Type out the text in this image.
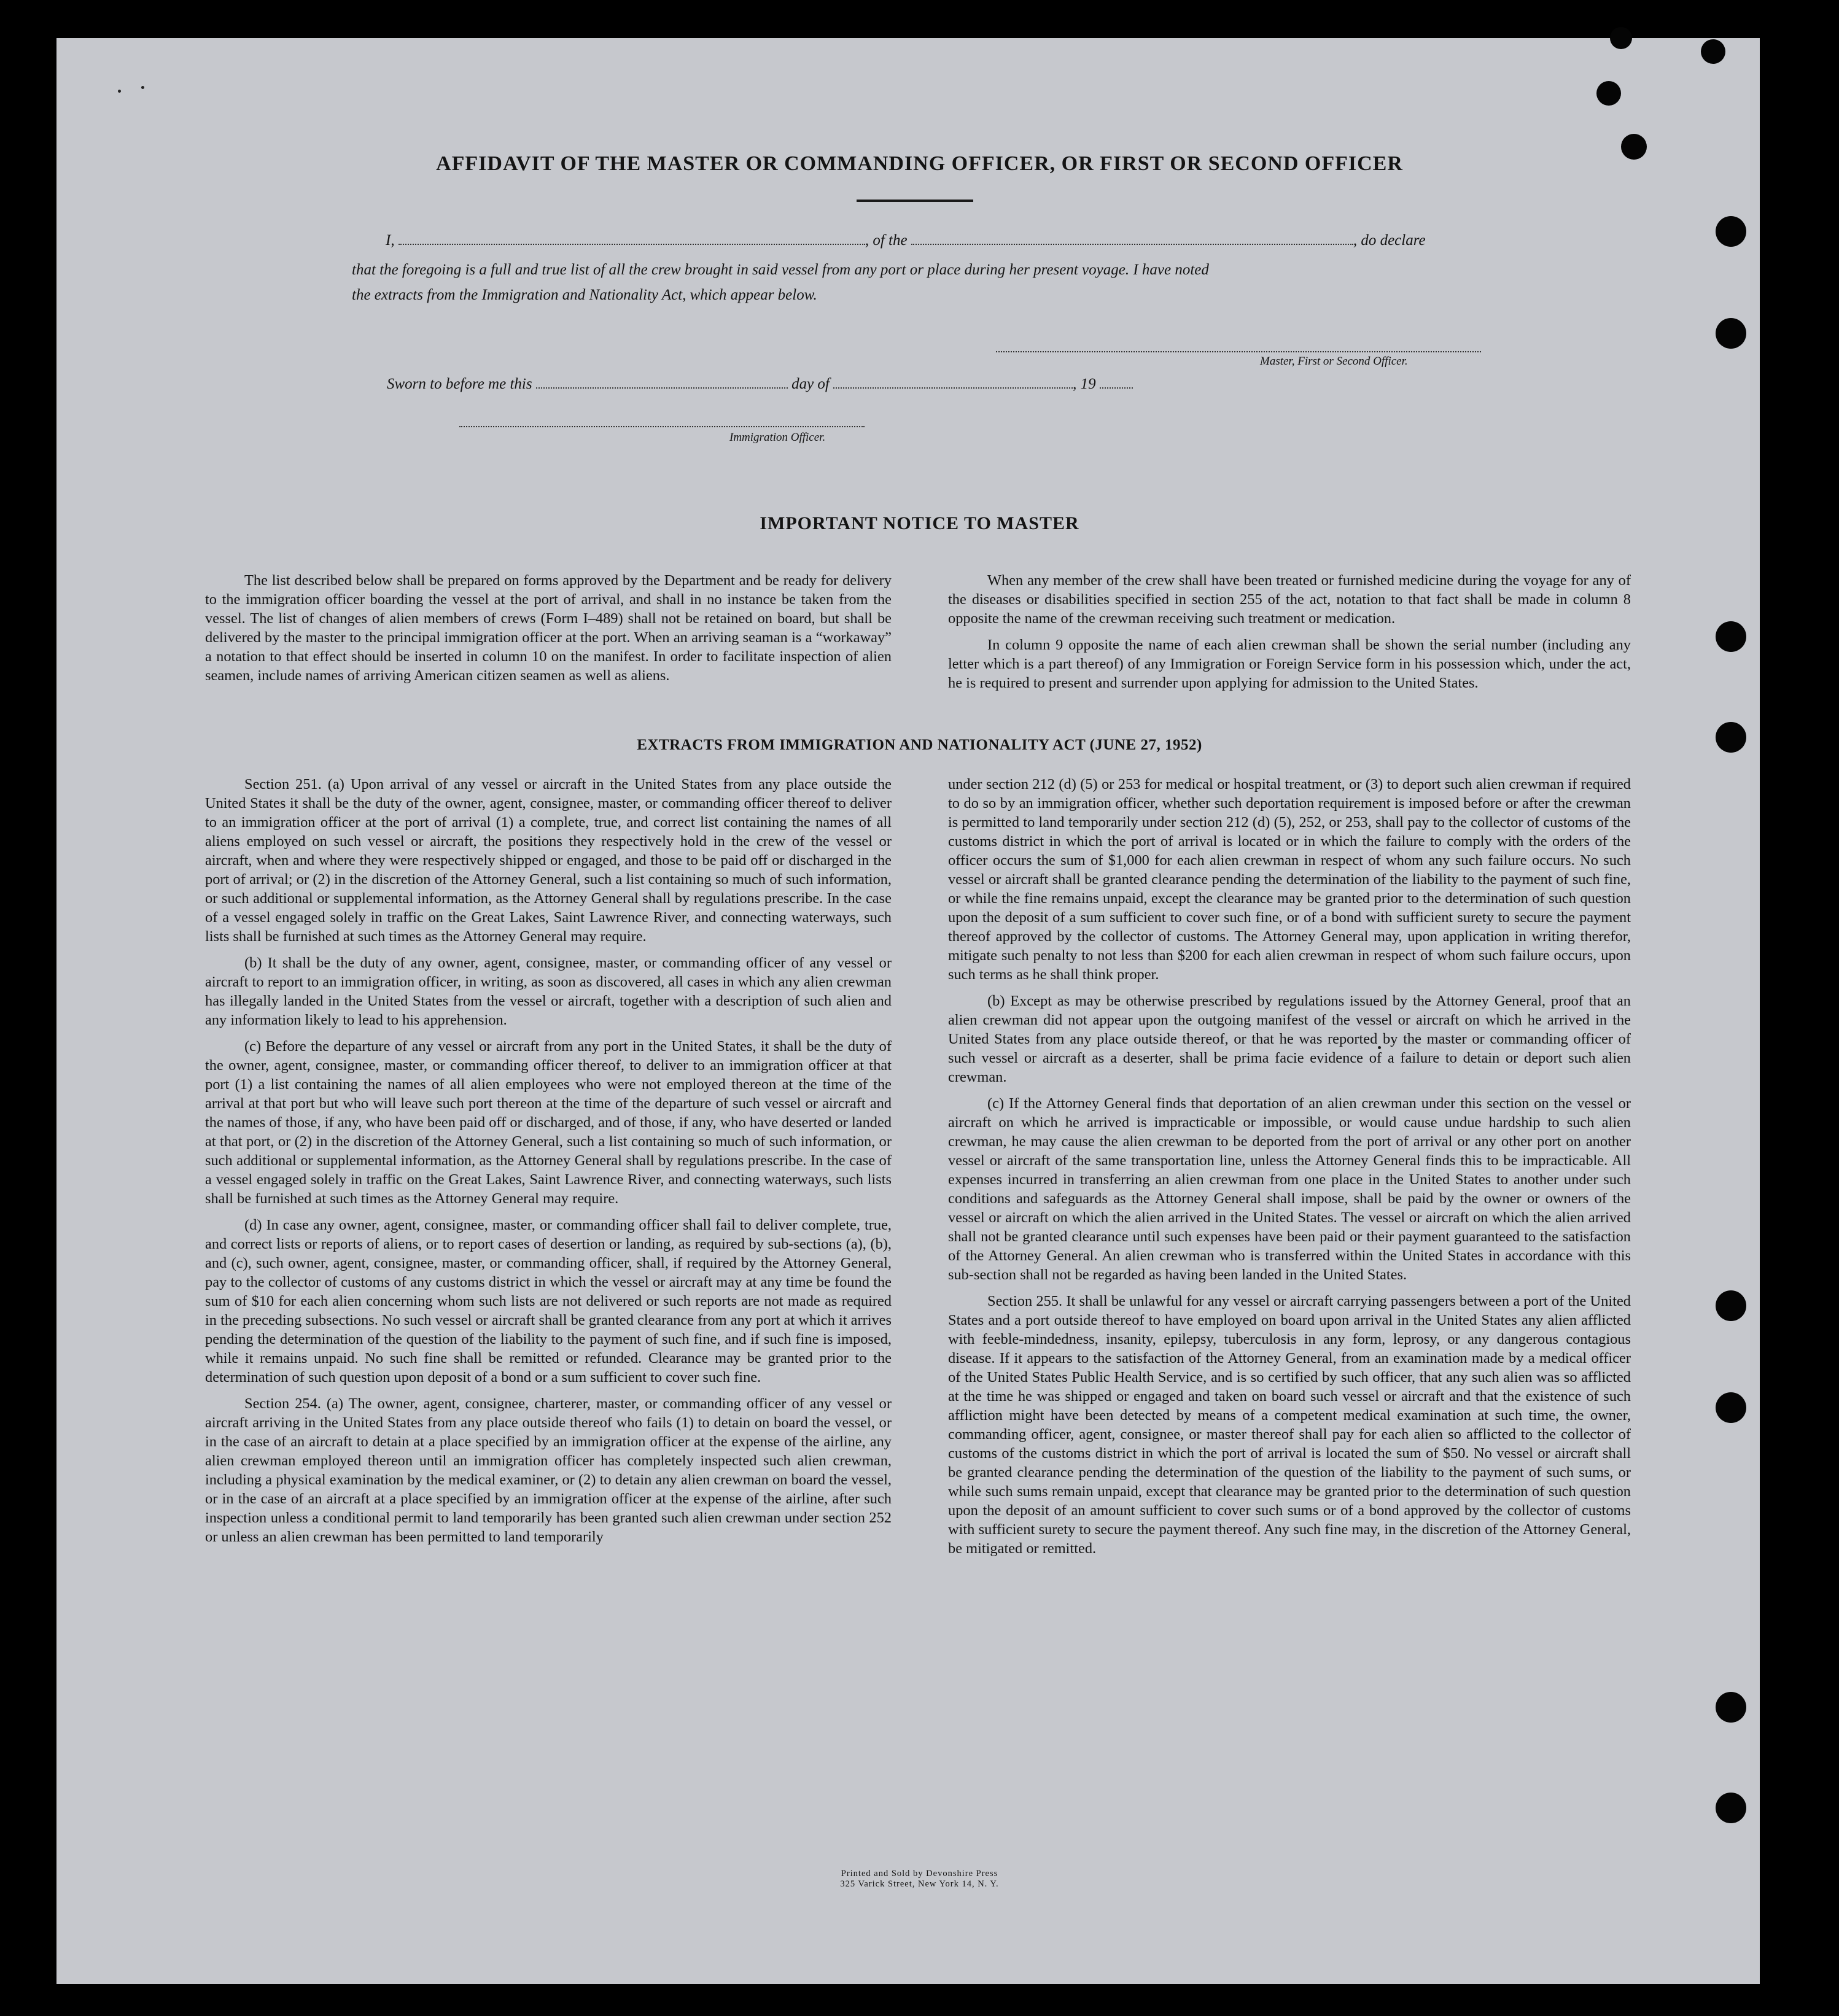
AFFIDAVIT OF THE MASTER OR COMMANDING OFFICER, OR FIRST OR SECOND OFFICER
I,	, of the	, do declare
that the foregoing is a full and true list of all the crew brought in said vessel from any port or place during her present voyage. I have noted
the extracts from the Immigration and Nationality Act, which appear below.
Master, First or Second Officer.
Sworn to before me this	day of	, 19
Immigration Officer.
IMPORTANT NOTICE TO MASTER

The list described below shall be prepared on forms approved by the Department and be ready for delivery to the immigration officer boarding the vessel at the port of arrival, and shall in no instance be taken from the vessel. The list of changes of alien members of crews (Form I–489) shall not be retained on board, but shall be delivered by the master to the principal immigration officer at the port. When an arriving seaman is a “workaway” a notation to that effect should be inserted in column 10 on the manifest. In order to facilitate inspection of alien seamen, include names of arriving American citizen seamen as well as aliens.

When any member of the crew shall have been treated or furnished medicine during the voyage for any of the diseases or disabilities specified in section 255 of the act, notation to that fact shall be made in column 8 opposite the name of the crewman receiving such treatment or medication.

In column 9 opposite the name of each alien crewman shall be shown the serial number (including any letter which is a part thereof) of any Immigration or Foreign Service form in his possession which, under the act, he is required to present and surrender upon applying for admission to the United States.

EXTRACTS FROM IMMIGRATION AND NATIONALITY ACT (JUNE 27, 1952)

Section 251. (a) Upon arrival of any vessel or aircraft in the United States from any place outside the United States it shall be the duty of the owner, agent, consignee, master, or commanding officer thereof to deliver to an immigration officer at the port of arrival (1) a complete, true, and correct list containing the names of all aliens employed on such vessel or aircraft, the positions they respectively hold in the crew of the vessel or aircraft, when and where they were respectively shipped or engaged, and those to be paid off or discharged in the port of arrival; or (2) in the discretion of the Attorney General, such a list containing so much of such information, or such additional or supplemental information, as the Attorney General shall by regulations prescribe. In the case of a vessel engaged solely in traffic on the Great Lakes, Saint Lawrence River, and connecting waterways, such lists shall be furnished at such times as the Attorney General may require.

(b) It shall be the duty of any owner, agent, consignee, master, or commanding officer of any vessel or aircraft to report to an immigration officer, in writing, as soon as discovered, all cases in which any alien crewman has illegally landed in the United States from the vessel or aircraft, together with a description of such alien and any information likely to lead to his apprehension.

(c) Before the departure of any vessel or aircraft from any port in the United States, it shall be the duty of the owner, agent, consignee, master, or commanding officer thereof, to deliver to an immigration officer at that port (1) a list containing the names of all alien employees who were not employed thereon at the time of the arrival at that port but who will leave such port thereon at the time of the departure of such vessel or aircraft and the names of those, if any, who have been paid off or discharged, and of those, if any, who have deserted or landed at that port, or (2) in the discretion of the Attorney General, such a list containing so much of such information, or such additional or supplemental information, as the Attorney General shall by regulations prescribe. In the case of a vessel engaged solely in traffic on the Great Lakes, Saint Lawrence River, and connecting waterways, such lists shall be furnished at such times as the Attorney General may require.

(d) In case any owner, agent, consignee, master, or commanding officer shall fail to deliver complete, true, and correct lists or reports of aliens, or to report cases of desertion or landing, as required by sub-sections (a), (b), and (c), such owner, agent, consignee, master, or commanding officer, shall, if required by the Attorney General, pay to the collector of customs of any customs district in which the vessel or aircraft may at any time be found the sum of $10 for each alien concerning whom such lists are not delivered or such reports are not made as required in the preceding subsections. No such vessel or aircraft shall be granted clearance from any port at which it arrives pending the determination of the question of the liability to the payment of such fine, and if such fine is imposed, while it remains unpaid. No such fine shall be remitted or refunded. Clearance may be granted prior to the determination of such question upon deposit of a bond or a sum sufficient to cover such fine.

Section 254. (a) The owner, agent, consignee, charterer, master, or commanding officer of any vessel or aircraft arriving in the United States from any place outside thereof who fails (1) to detain on board the vessel, or in the case of an aircraft to detain at a place specified by an immigration officer at the expense of the airline, any alien crewman employed thereon until an immigration officer has completely inspected such alien crewman, including a physical examination by the medical examiner, or (2) to detain any alien crewman on board the vessel, or in the case of an aircraft at a place specified by an immigration officer at the expense of the airline, after such inspection unless a conditional permit to land temporarily has been granted such alien crewman under section 252 or unless an alien crewman has been permitted to land temporarily

under section 212 (d) (5) or 253 for medical or hospital treatment, or (3) to deport such alien crewman if required to do so by an immigration officer, whether such deportation requirement is imposed before or after the crewman is permitted to land temporarily under section 212 (d) (5), 252, or 253, shall pay to the collector of customs of the customs district in which the port of arrival is located or in which the failure to comply with the orders of the officer occurs the sum of $1,000 for each alien crewman in respect of whom any such failure occurs. No such vessel or aircraft shall be granted clearance pending the determination of the liability to the payment of such fine, or while the fine remains unpaid, except the clearance may be granted prior to the determination of such question upon the deposit of a sum sufficient to cover such fine, or of a bond with sufficient surety to secure the payment thereof approved by the collector of customs. The Attorney General may, upon application in writing therefor, mitigate such penalty to not less than $200 for each alien crewman in respect of whom such failure occurs, upon such terms as he shall think proper.

(b) Except as may be otherwise prescribed by regulations issued by the Attorney General, proof that an alien crewman did not appear upon the outgoing manifest of the vessel or aircraft on which he arrived in the United States from any place outside thereof, or that he was reported by the master or commanding officer of such vessel or aircraft as a deserter, shall be prima facie evidence of a failure to detain or deport such alien crewman.

(c) If the Attorney General finds that deportation of an alien crewman under this section on the vessel or aircraft on which he arrived is impracticable or impossible, or would cause undue hardship to such alien crewman, he may cause the alien crewman to be deported from the port of arrival or any other port on another vessel or aircraft of the same transportation line, unless the Attorney General finds this to be impracticable. All expenses incurred in transferring an alien crewman from one place in the United States to another under such conditions and safeguards as the Attorney General shall impose, shall be paid by the owner or owners of the vessel or aircraft on which the alien arrived in the United States. The vessel or aircraft on which the alien arrived shall not be granted clearance until such expenses have been paid or their payment guaranteed to the satisfaction of the Attorney General. An alien crewman who is transferred within the United States in accordance with this sub-section shall not be regarded as having been landed in the United States.

Section 255. It shall be unlawful for any vessel or aircraft carrying passengers between a port of the United States and a port outside thereof to have employed on board upon arrival in the United States any alien afflicted with feeble-mindedness, insanity, epilepsy, tuberculosis in any form, leprosy, or any dangerous contagious disease. If it appears to the satisfaction of the Attorney General, from an examination made by a medical officer of the United States Public Health Service, and is so certified by such officer, that any such alien was so afflicted at the time he was shipped or engaged and taken on board such vessel or aircraft and that the existence of such affliction might have been detected by means of a competent medical examination at such time, the owner, commanding officer, agent, consignee, or master thereof shall pay for each alien so afflicted to the collector of customs of the customs district in which the port of arrival is located the sum of $50. No vessel or aircraft shall be granted clearance pending the determination of the question of the liability to the payment of such sums, or while such sums remain unpaid, except that clearance may be granted prior to the determination of such question upon the deposit of an amount sufficient to cover such sums or of a bond approved by the collector of customs with sufficient surety to secure the payment thereof. Any such fine may, in the discretion of the Attorney General, be mitigated or remitted.

Printed and Sold by Devonshire Press
325 Varick Street, New York 14, N. Y.
